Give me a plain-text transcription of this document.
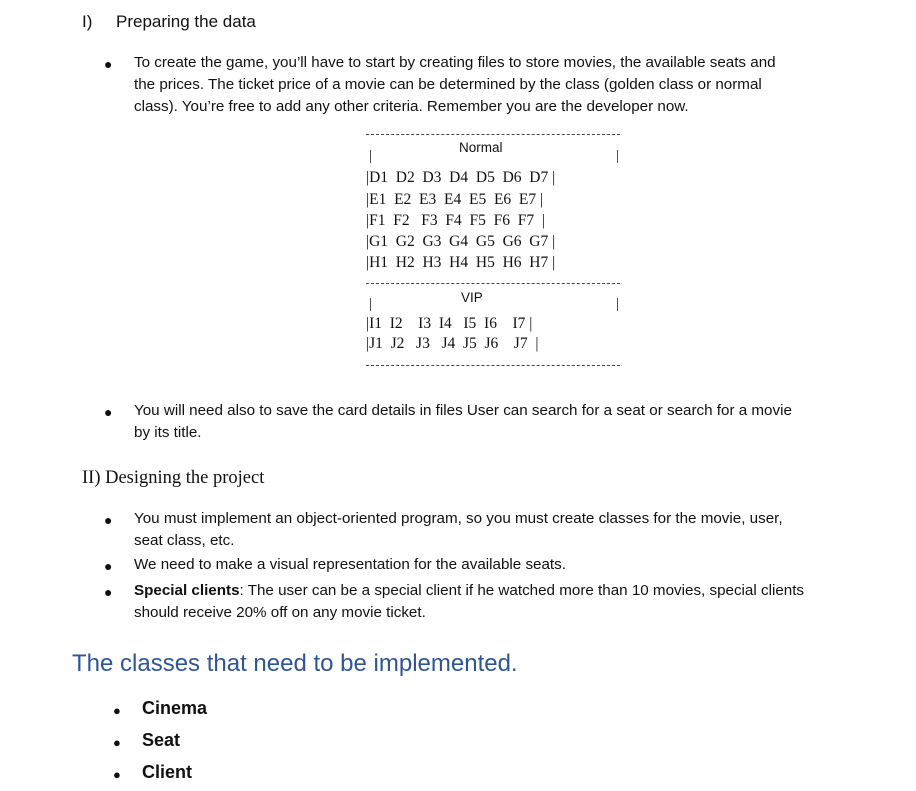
I) Preparing the data
● To create the game, you’ll have to start by creating files to store movies, the available seats and
the prices. The ticket price of a movie can be determined by the class (golden class or normal
class). You’re free to add any other criteria. Remember you are the developer now.
Normal
|	|
|D1  D2  D3  D4  D5  D6  D7 |
|E1  E2  E3  E4  E5  E6  E7 |
|F1  F2   F3  F4  F5  F6  F7  |
|G1  G2  G3  G4  G5  G6  G7 |
|H1  H2  H3  H4  H5  H6  H7 |
VIP
|	|
|I1  I2    I3  I4   I5  I6    I7 |
|J1  J2   J3   J4  J5  J6    J7  |
● You will need also to save the card details in files User can search for a seat or search for a movie
by its title.
II) Designing the project
● You must implement an object-oriented program, so you must create classes for the movie, user,
seat class, etc.
● We need to make a visual representation for the available seats.
● Special clients: The user can be a special client if he watched more than 10 movies, special clients
should receive 20% off on any movie ticket.
The classes that need to be implemented.
● Cinema
● Seat
● Client
